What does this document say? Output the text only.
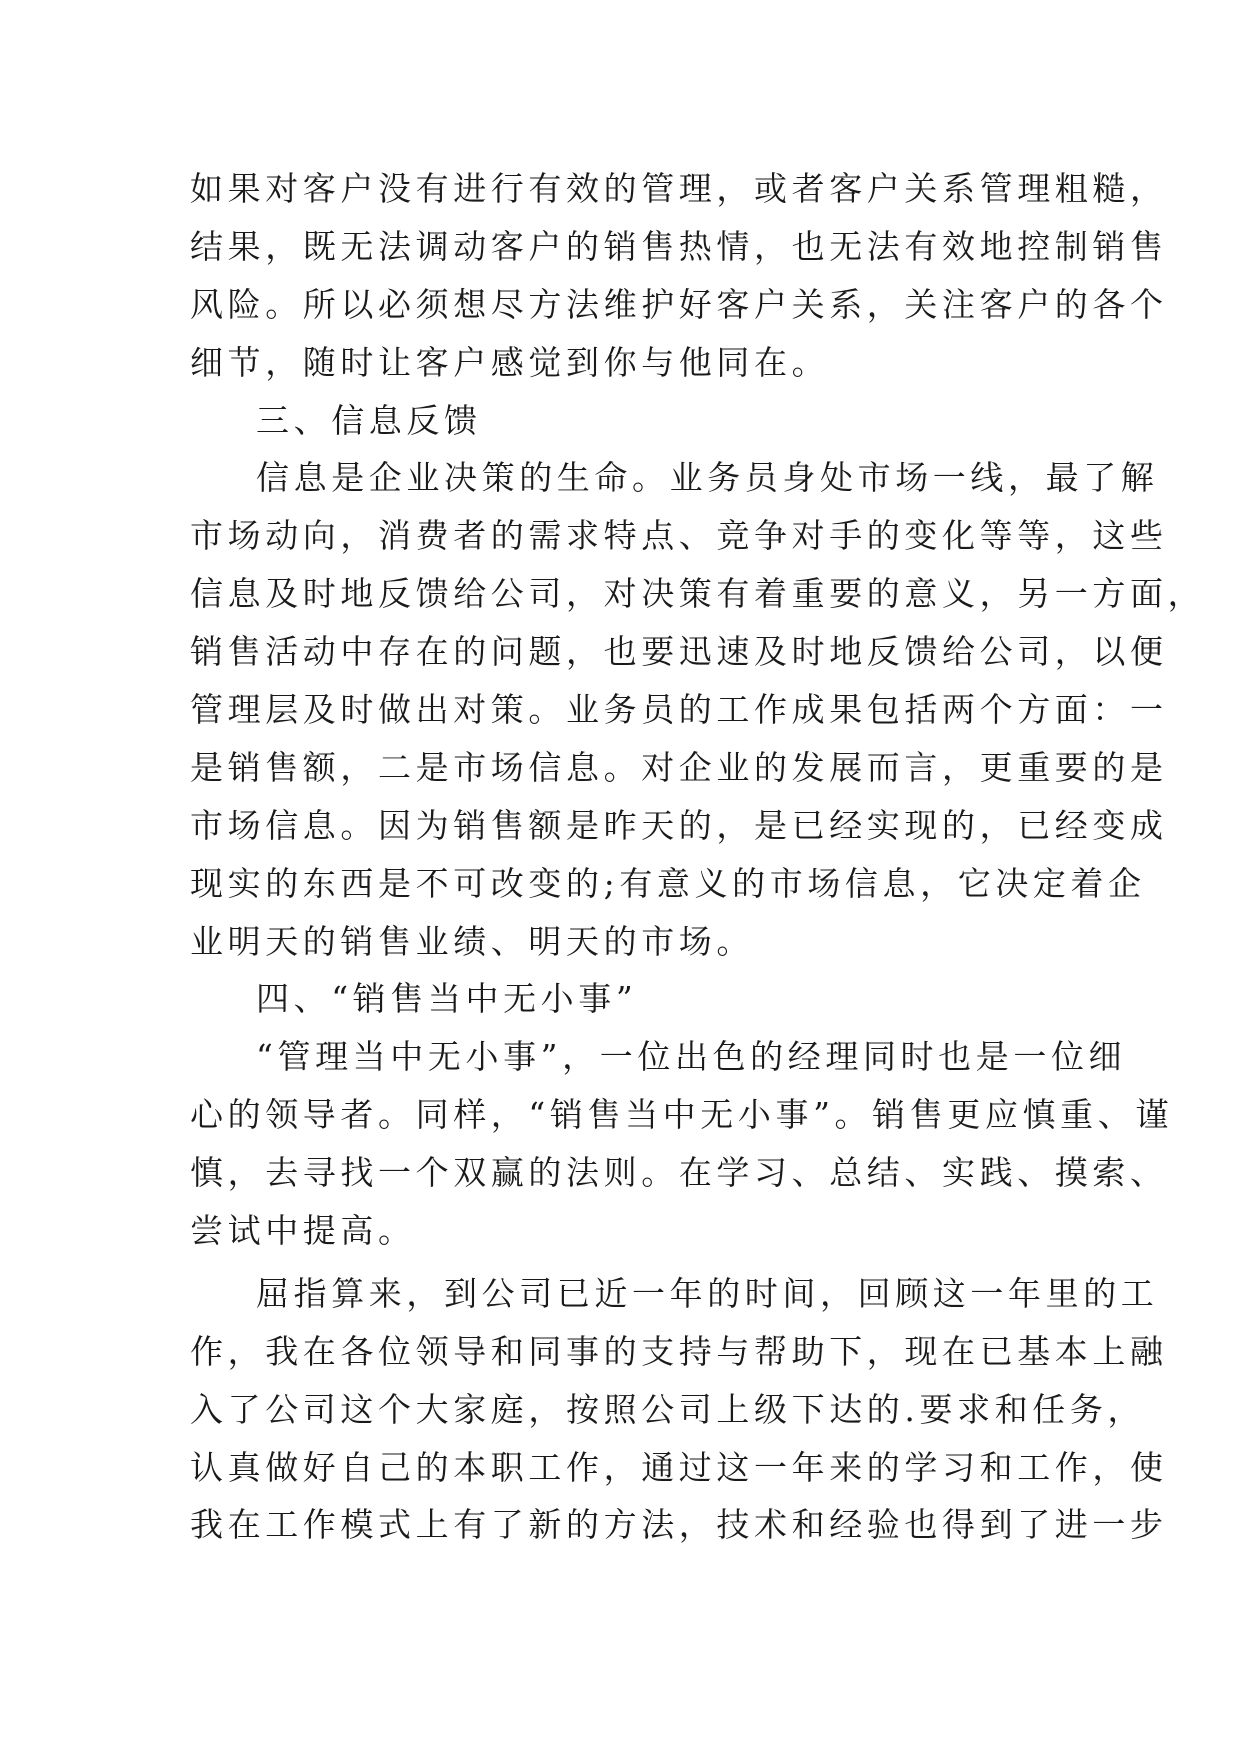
如果对客户没有进行有效的管理，或者客户关系管理粗糙，
结果，既无法调动客户的销售热情，也无法有效地控制销售
风险。所以必须想尽方法维护好客户关系，关注客户的各个
细节，随时让客户感觉到你与他同在。
三、信息反馈
信息是企业决策的生命。业务员身处市场一线，最了解
市场动向，消费者的需求特点、竞争对手的变化等等，这些
信息及时地反馈给公司，对决策有着重要的意义，另一方面，
销售活动中存在的问题，也要迅速及时地反馈给公司，以便
管理层及时做出对策。业务员的工作成果包括两个方面：一
是销售额，二是市场信息。对企业的发展而言，更重要的是
市场信息。因为销售额是昨天的，是已经实现的，已经变成
现实的东西是不可改变的;有意义的市场信息，它决定着企
业明天的销售业绩、明天的市场。
四、“销售当中无小事”
“管理当中无小事”，一位出色的经理同时也是一位细
心的领导者。同样，“销售当中无小事”。销售更应慎重、谨
慎，去寻找一个双赢的法则。在学习、总结、实践、摸索、
尝试中提高。
屈指算来，到公司已近一年的时间，回顾这一年里的工
作，我在各位领导和同事的支持与帮助下，现在已基本上融
入了公司这个大家庭，按照公司上级下达的.要求和任务，
认真做好自己的本职工作，通过这一年来的学习和工作，使
我在工作模式上有了新的方法，技术和经验也得到了进一步
